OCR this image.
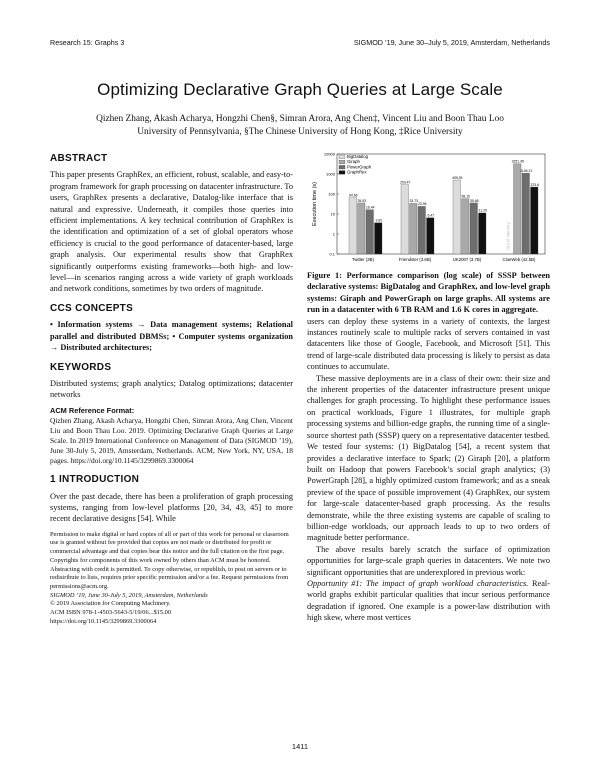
Research 15: Graphs 3	SIGMOD ’19, June 30–July 5, 2019, Amsterdam, Netherlands
Optimizing Declarative Graph Queries at Large Scale
Qizhen Zhang, Akash Acharya, Hongzhi Chen§, Simran Arora, Ang Chen‡, Vincent Liu and Boon Thau Loo
University of Pennsylvania, §The Chinese University of Hong Kong, ‡Rice University
ABSTRACT

This paper presents GraphRex, an efficient, robust, scalable, and easy-to-program framework for graph processing on datacenter infrastructure. To users, GraphRex presents a declarative, Datalog-like interface that is natural and expressive. Underneath, it compiles those queries into efficient implementations. A key technical contribution of GraphRex is the identification and optimization of a set of global operators whose efficiency is crucial to the good performance of datacenter-based, large graph analysis. Our experimental results show that GraphRex significantly outperforms existing frameworks—both high- and low-level—in scenarios ranging across a wide variety of graph workloads and network conditions, sometimes by two orders of magnitude.

CCS CONCEPTS

• Information systems → Data management systems; Relational parallel and distributed DBMSs; • Computer systems organization → Distributed architectures;

KEYWORDS

Distributed systems; graph analytics; Datalog optimizations; datacenter networks

ACM Reference Format:

Qizhen Zhang, Akash Acharya, Hongzhi Chen, Simran Arora, Ang Chen, Vincent Liu and Boon Thau Loo. 2019. Optimizing Declarative Graph Queries at Large Scale. In 2019 International Conference on Management of Data (SIGMOD ’19), June 30-July 5, 2019, Amsterdam, Netherlands. ACM, New York, NY, USA, 18 pages. https://doi.org/10.1145/3299869.3300064

1 INTRODUCTION

Over the past decade, there has been a proliferation of graph processing systems, ranging from low-level platforms [20, 34, 43, 45] to more recent declarative designs [54]. While

Permission to make digital or hard copies of all or part of this work for personal or classroom use is granted without fee provided that copies are not made or distributed for profit or commercial advantage and that copies bear this notice and the full citation on the first page. Copyrights for components of this work owned by others than ACM must be honored. Abstracting with credit is permitted. To copy otherwise, or republish, to post on servers or to redistribute to lists, requires prior specific permission and/or a fee. Request permissions from permissions@acm.org.
SIGMOD ’19, June 30-July 5, 2019, Amsterdam, Netherlands
© 2019 Association for Computing Machinery.
ACM ISBN 978-1-4503-5643-5/19/06...$15.00
https://doi.org/10.1145/3299869.3300064
0.1
1
10
100
1000
10000
Execution time (s)	64.66
35.53
16.44
3.63
Twitter (3B)
293.47
33.73
23.96
6.47
Friendster (3.6B)
499.25
58.15
35.68
11.29
UK2007 (3.7B)
Out of memory
3251.45
1106.21
223.6
ClueWeb (42.5B)
BigDatalog
Giraph
PowerGraph
GraphRex

Figure 1: Performance comparison (log scale) of SSSP between declarative systems: BigDatalog and GraphRex, and low-level graph systems: Giraph and PowerGraph on large graphs. All systems are run in a datacenter with 6 TB RAM and 1.6 K cores in aggregate.

users can deploy these systems in a variety of contexts, the largest instances routinely scale to multiple racks of servers contained in vast datacenters like those of Google, Facebook, and Microsoft [51]. This trend of large-scale distributed data processing is likely to persist as data continues to accumulate.

These massive deployments are in a class of their own: their size and the inherent properties of the datacenter infrastructure present unique challenges for graph processing. To highlight these performance issues on practical workloads, Figure 1 illustrates, for multiple graph processing systems and billion-edge graphs, the running time of a single-source shortest path (SSSP) query on a representative datacenter testbed. We tested four systems: (1) BigDatalog [54], a recent system that provides a declarative interface to Spark; (2) Giraph [20], a platform built on Hadoop that powers Facebook’s social graph analytics; (3) PowerGraph [28], a highly optimized custom framework; and as a sneak preview of the space of possible improvement (4) GraphRex, our system for large-scale datacenter-based graph processing. As the results demonstrate, while the three existing systems are capable of scaling to billion-edge workloads, our approach leads to up to two orders of magnitude better performance.

The above results barely scratch the surface of optimization opportunities for large-scale graph queries in datacenters. We note two significant opportunities that are underexplored in previous work:

Opportunity #1: The impact of graph workload characteristics. Real-world graphs exhibit particular qualities that incur serious performance degradation if ignored. One example is a power-law distribution with high skew, where most vertices

1411
